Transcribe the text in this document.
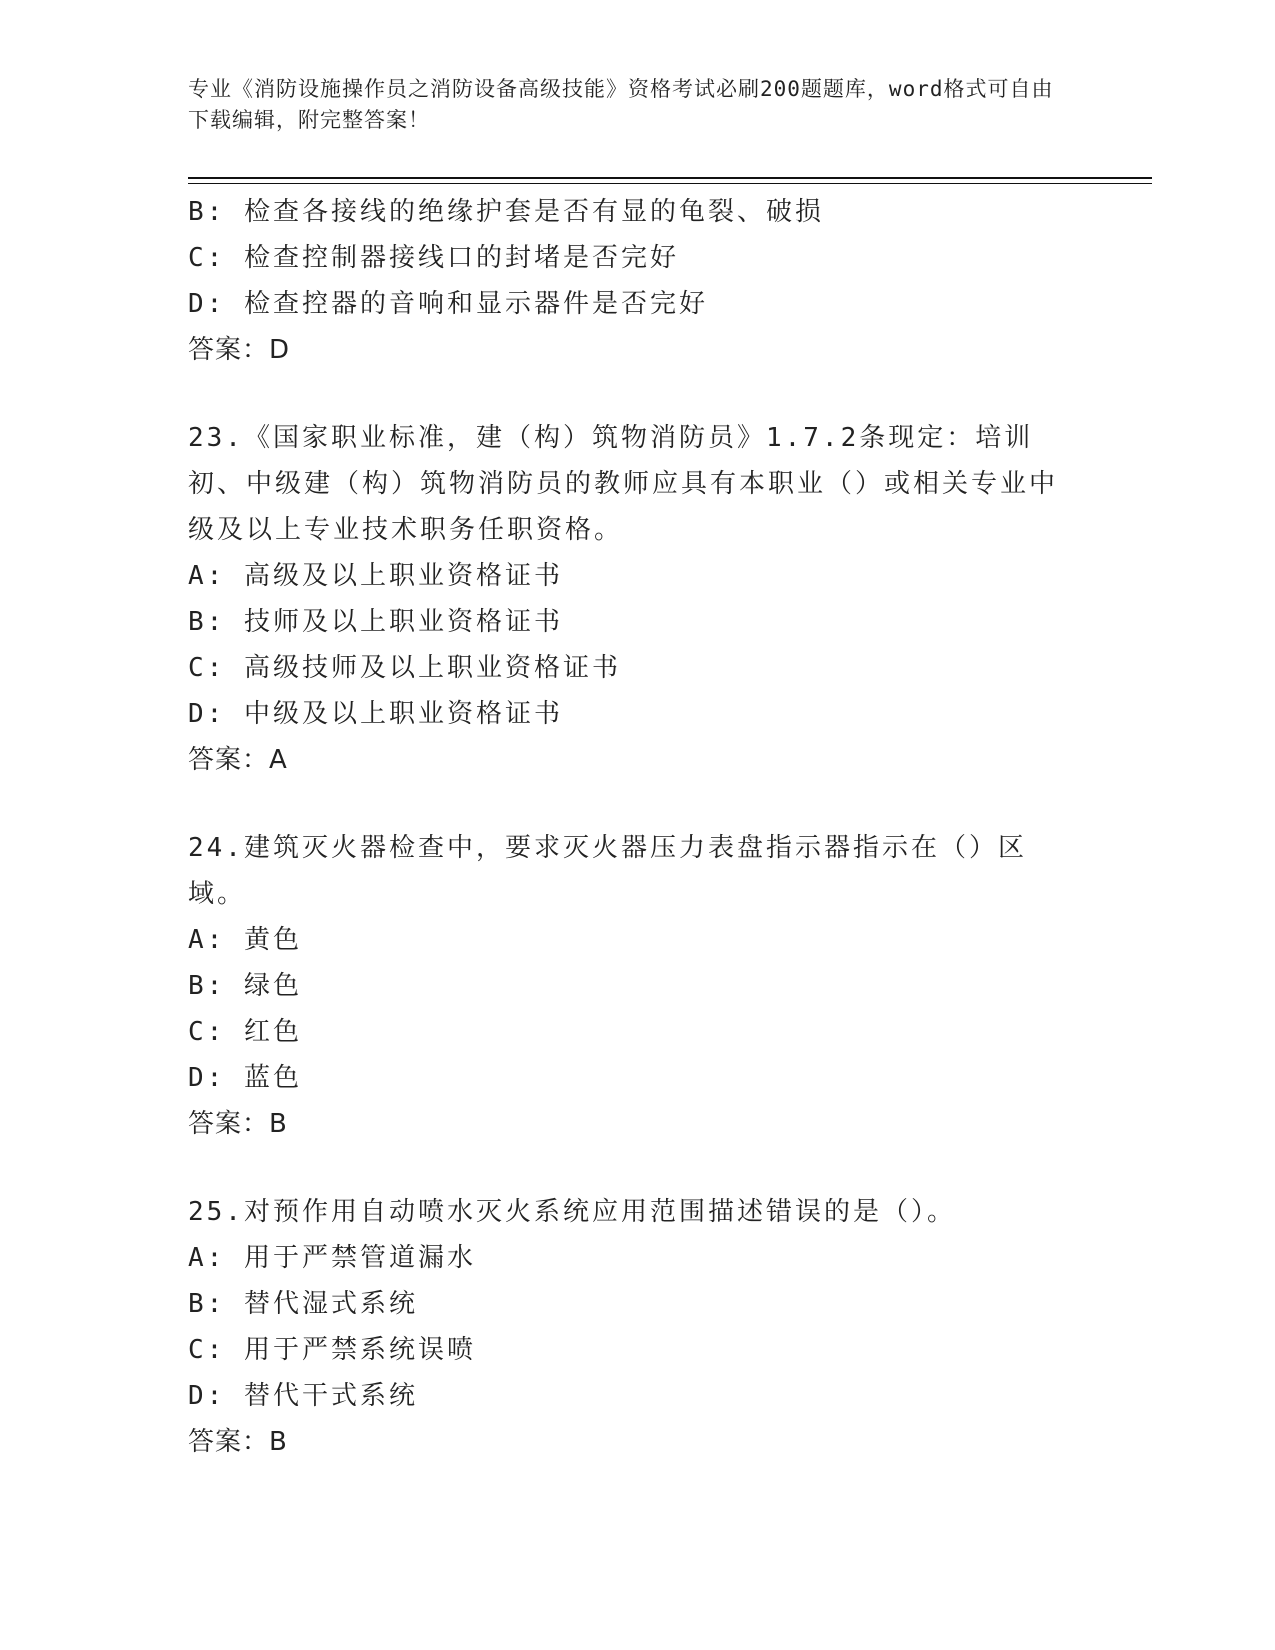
专业《消防设施操作员之消防设备高级技能》资格考试必刷200题题库，word格式可自由下载编辑，附完整答案！
B: 检查各接线的绝缘护套是否有显的龟裂、破损
C: 检查控制器接线口的封堵是否完好
D: 检查控器的音响和显示器件是否完好
答案：D
23.《国家职业标准，建（构）筑物消防员》1.7.2条现定：培训初、中级建（构）筑物消防员的教师应具有本职业（）或相关专业中级及以上专业技术职务任职资格。
A: 高级及以上职业资格证书
B: 技师及以上职业资格证书
C: 高级技师及以上职业资格证书
D: 中级及以上职业资格证书
答案：A
24.建筑灭火器检查中，要求灭火器压力表盘指示器指示在（）区域。
A: 黄色
B: 绿色
C: 红色
D: 蓝色
答案：B
25.对预作用自动喷水灭火系统应用范围描述错误的是（）。
A: 用于严禁管道漏水
B: 替代湿式系统
C: 用于严禁系统误喷
D: 替代干式系统
答案：B
